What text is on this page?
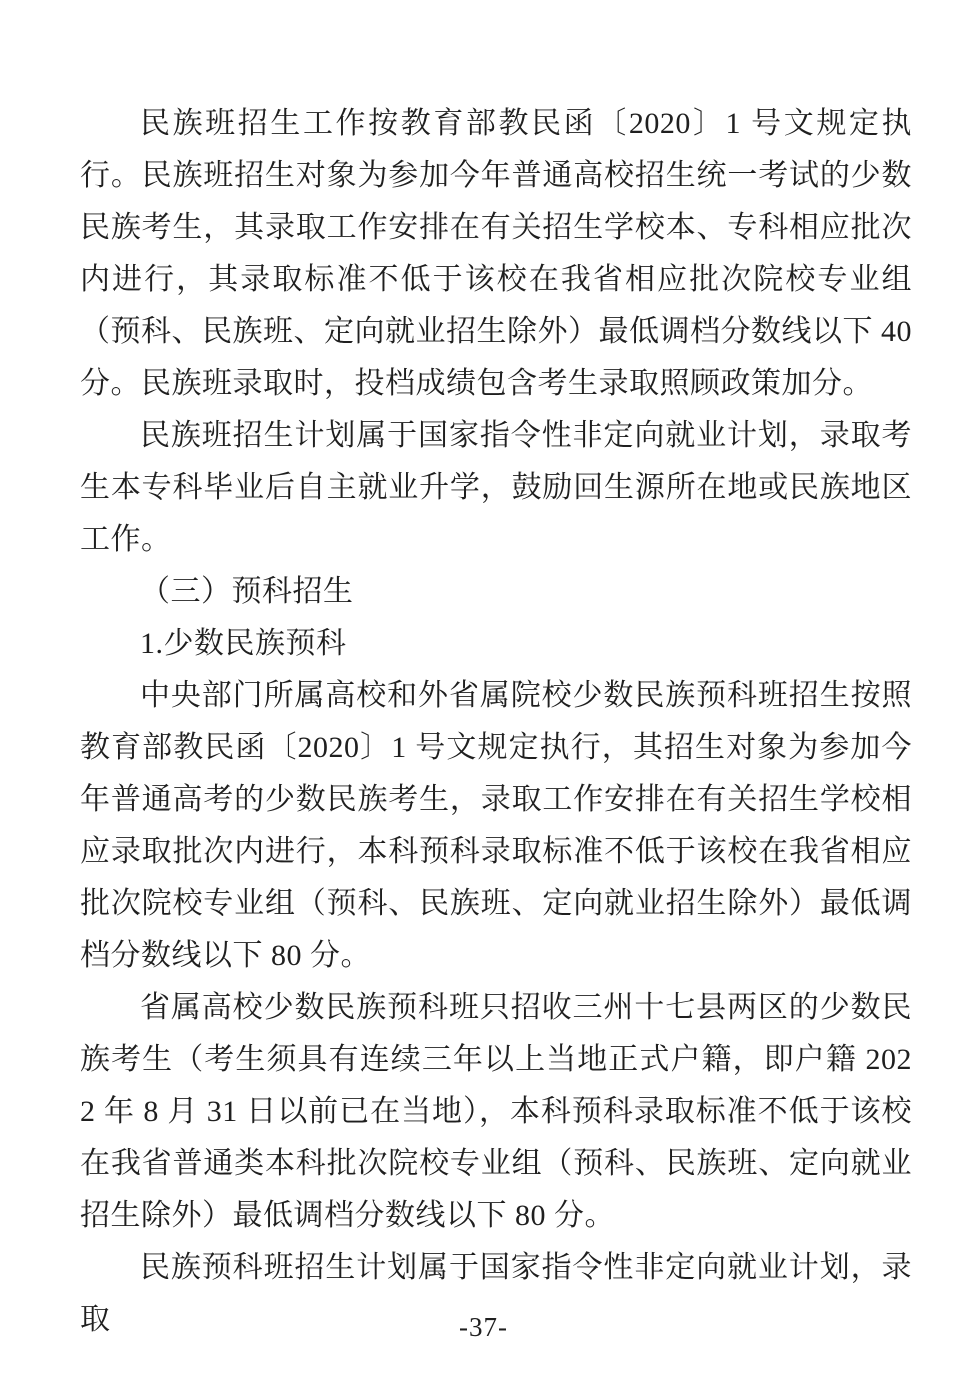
民族班招生工作按教育部教民函〔2020〕1 号文规定执行。民族班招生对象为参加今年普通高校招生统一考试的少数民族考生，其录取工作安排在有关招生学校本、专科相应批次内进行，其录取标准不低于该校在我省相应批次院校专业组（预科、民族班、定向就业招生除外）最低调档分数线以下 40 分。民族班录取时，投档成绩包含考生录取照顾政策加分。

民族班招生计划属于国家指令性非定向就业计划，录取考生本专科毕业后自主就业升学，鼓励回生源所在地或民族地区工作。

（三）预科招生

1.少数民族预科

中央部门所属高校和外省属院校少数民族预科班招生按照教育部教民函〔2020〕1 号文规定执行，其招生对象为参加今年普通高考的少数民族考生，录取工作安排在有关招生学校相应录取批次内进行，本科预科录取标准不低于该校在我省相应批次院校专业组（预科、民族班、定向就业招生除外）最低调档分数线以下 80 分。

省属高校少数民族预科班只招收三州十七县两区的少数民族考生（考生须具有连续三年以上当地正式户籍，即户籍 2022 年 8 月 31 日以前已在当地），本科预科录取标准不低于该校在我省普通类本科批次院校专业组（预科、民族班、定向就业招生除外）最低调档分数线以下 80 分。

民族预科班招生计划属于国家指令性非定向就业计划，录取	-37-
